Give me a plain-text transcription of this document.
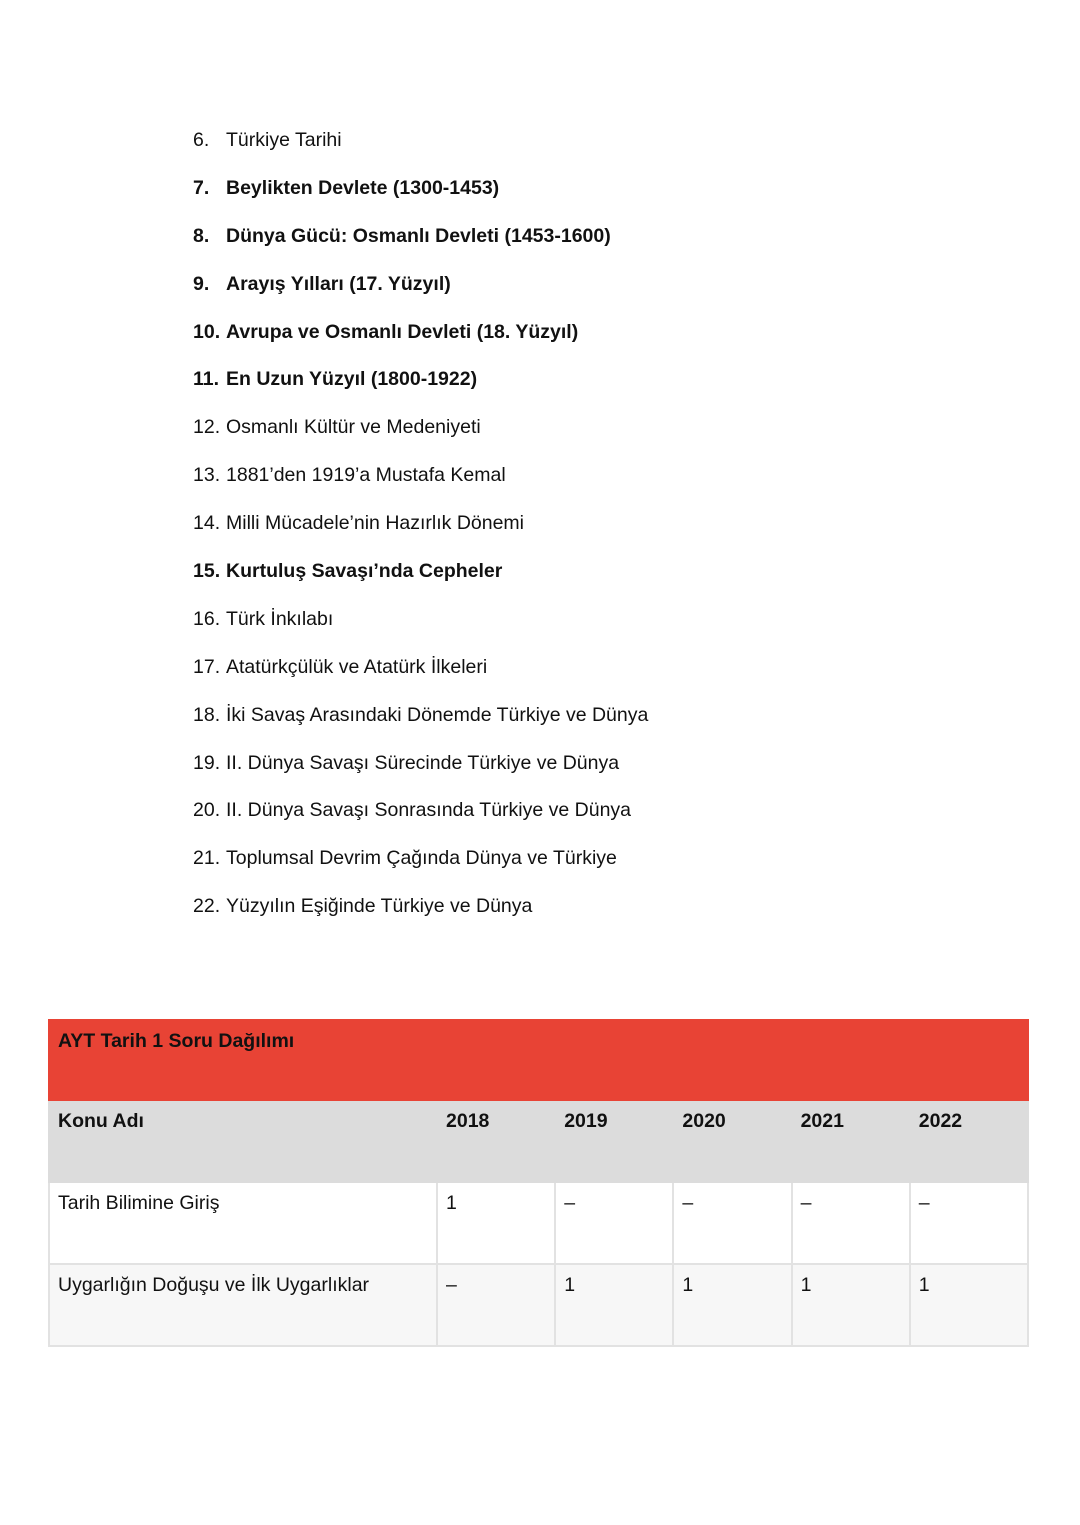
6. Türkiye Tarihi
7. Beylikten Devlete (1300-1453)
8. Dünya Gücü: Osmanlı Devleti (1453-1600)
9. Arayış Yılları (17. Yüzyıl)
10. Avrupa ve Osmanlı Devleti (18. Yüzyıl)
11. En Uzun Yüzyıl (1800-1922)
12. Osmanlı Kültür ve Medeniyeti
13. 1881’den 1919’a Mustafa Kemal
14. Milli Mücadele’nin Hazırlık Dönemi
15. Kurtuluş Savaşı’nda Cepheler
16. Türk İnkılabı
17. Atatürkçülük ve Atatürk İlkeleri
18. İki Savaş Arasındaki Dönemde Türkiye ve Dünya
19. II. Dünya Savaşı Sürecinde Türkiye ve Dünya
20. II. Dünya Savaşı Sonrasında Türkiye ve Dünya
21. Toplumsal Devrim Çağında Dünya ve Türkiye
22. Yüzyılın Eşiğinde Türkiye ve Dünya
AYT Tarih 1 Soru Dağılımı					
Konu Adı	2018	2019	2020	2021	2022
Tarih Bilimine Giriş	1	–	–	–	–
Uygarlığın Doğuşu ve İlk Uygarlıklar	–	1	1	1	1
